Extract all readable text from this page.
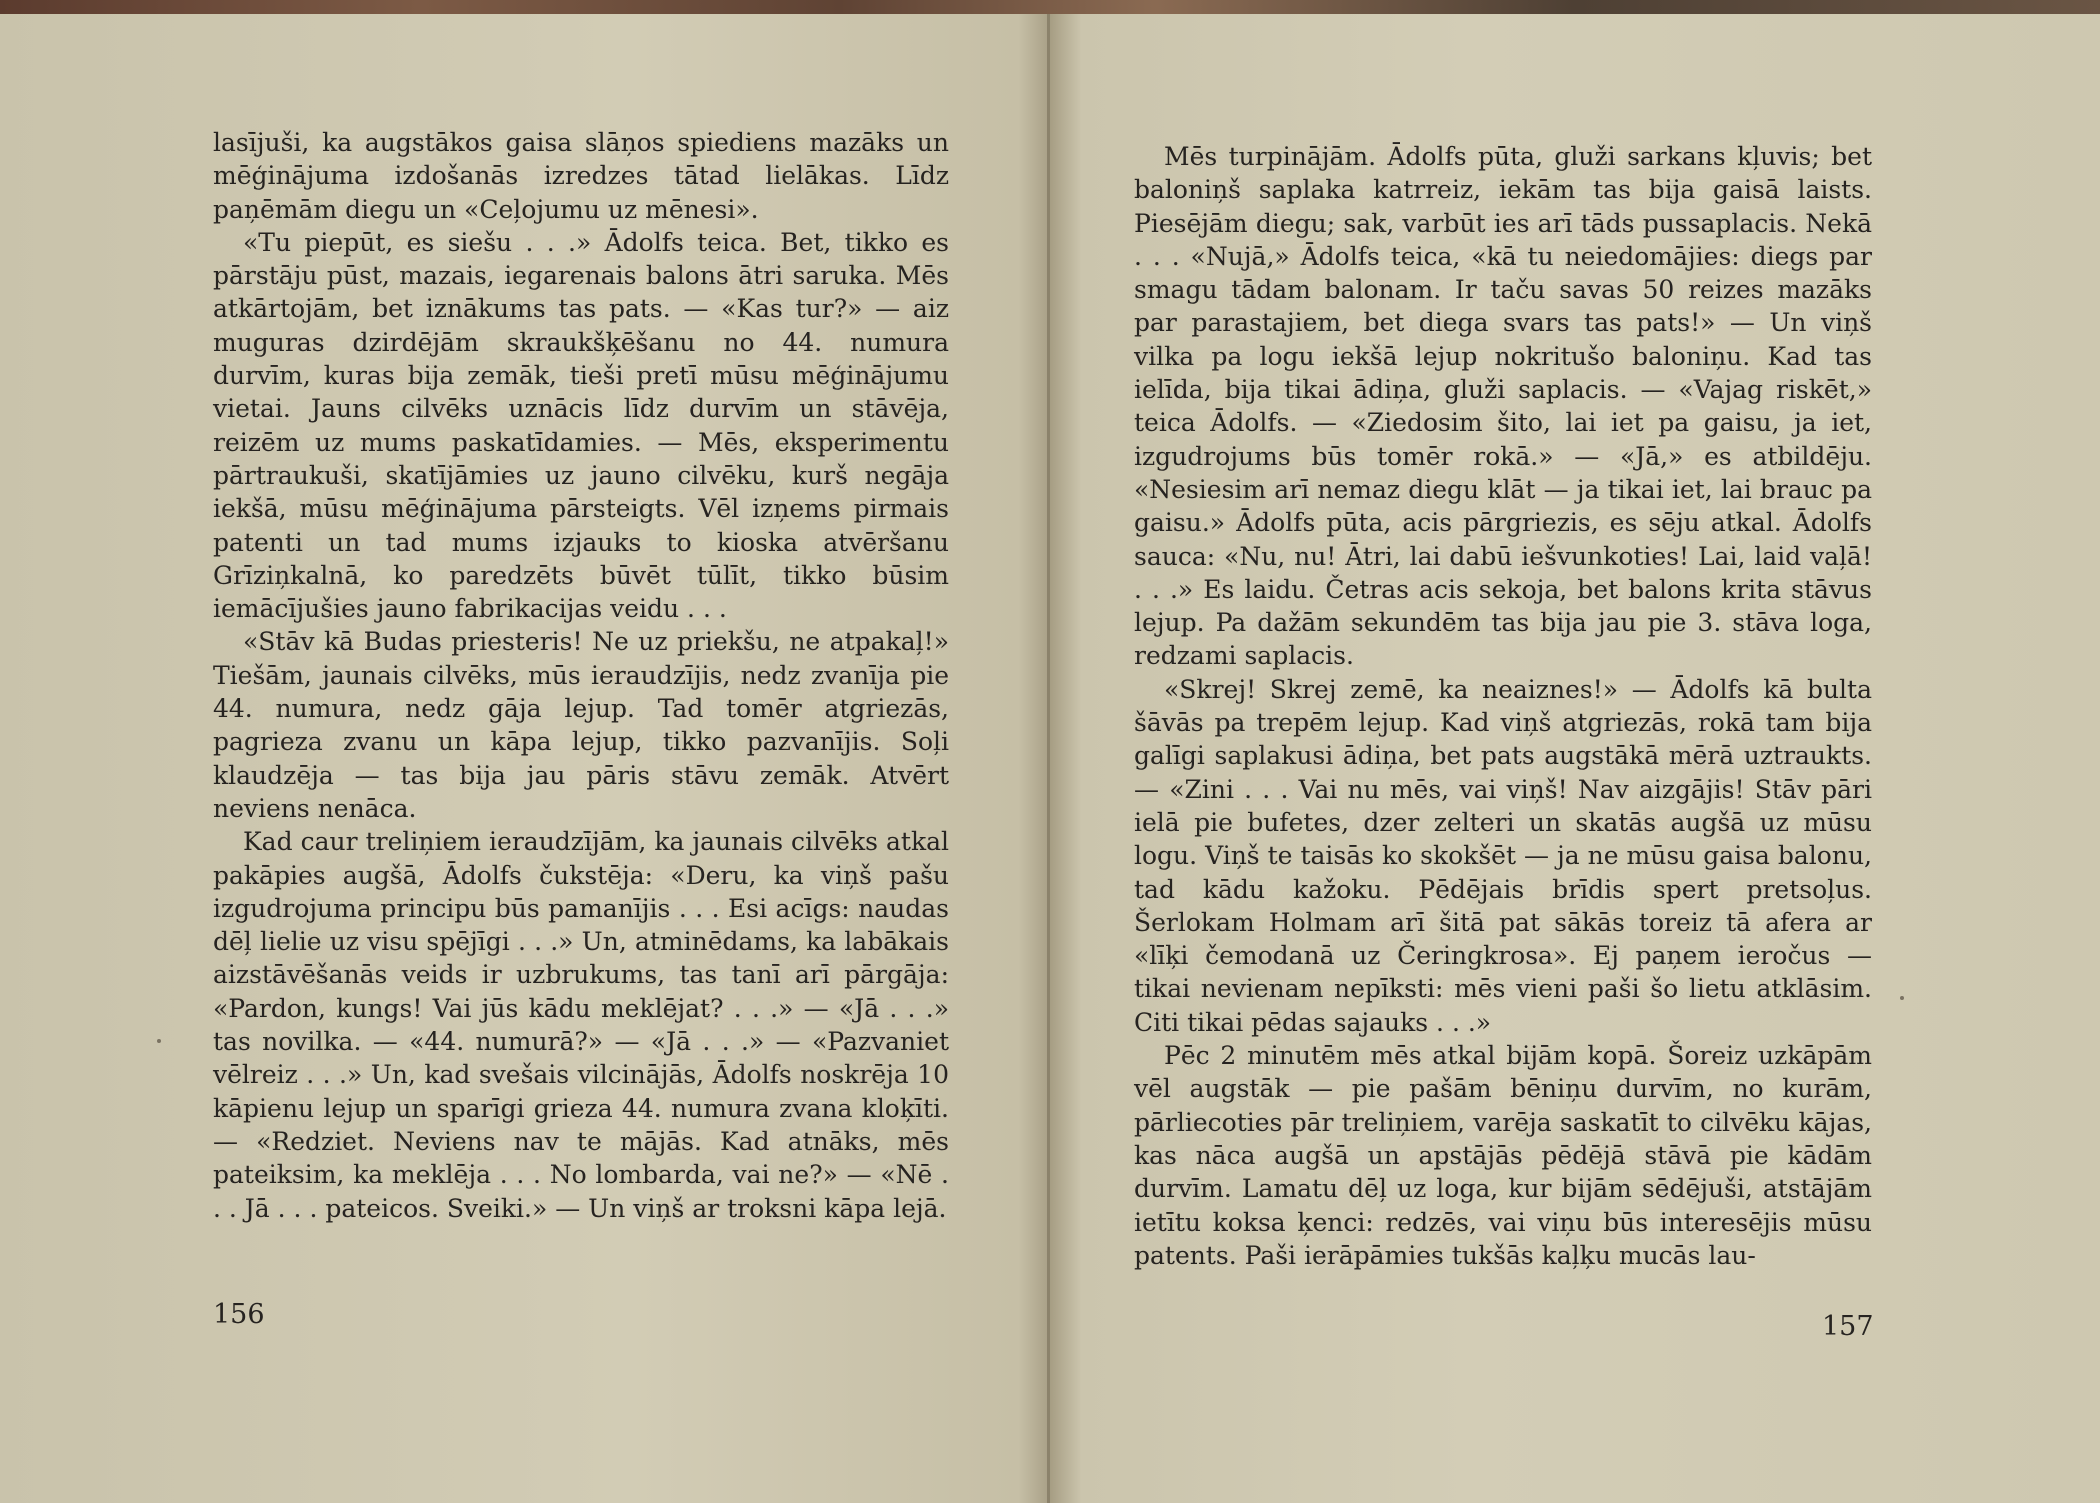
lasījuši, ka augstākos gaisa slāņos spiediens mazāks un mēģinājuma izdošanās izredzes tātad lielākas. Līdz paņēmām diegu un «Ceļojumu uz mēnesi».

«Tu piepūt, es siešu . . .» Ādolfs teica. Bet, tikko es pārstāju pūst, mazais, iegarenais balons ātri saruka. Mēs atkārtojām, bet iznākums tas pats. — «Kas tur?» — aiz muguras dzirdējām skraukšķēšanu no 44. numura durvīm, kuras bija zemāk, tieši pretī mūsu mēģinājumu vietai. Jauns cilvēks uznācis līdz durvīm un stāvēja, reizēm uz mums paskatīdamies. — Mēs, eksperimentu pārtraukuši, skatījāmies uz jauno cilvēku, kurš negāja iekšā, mūsu mēģinājuma pārsteigts. Vēl izņems pirmais patenti un tad mums izjauks to kioska atvēršanu Grīziņkalnā, ko paredzēts būvēt tūlīt, tikko būsim iemācījušies jauno fabrikacijas veidu . . .

«Stāv kā Budas priesteris! Ne uz priekšu, ne atpakaļ!» Tiešām, jaunais cilvēks, mūs ieraudzījis, nedz zvanīja pie 44. numura, nedz gāja lejup. Tad tomēr atgriezās, pagrieza zvanu un kāpa lejup, tikko pazvanījis. Soļi klaudzēja — tas bija jau pāris stāvu zemāk. Atvērt neviens nenāca.

Kad caur treliņiem ieraudzījām, ka jaunais cilvēks atkal pakāpies augšā, Ādolfs čukstēja: «Deru, ka viņš pašu izgudrojuma principu būs pamanījis . . . Esi acīgs: naudas dēļ lielie uz visu spējīgi . . .» Un, atminēdams, ka labākais aizstāvēšanās veids ir uzbrukums, tas tanī arī pārgāja: «Pardon, kungs! Vai jūs kādu meklējat? . . .» — «Jā . . .» tas novilka. — «44. numurā?» — «Jā . . .» — «Pazvaniet vēlreiz . . .» Un, kad svešais vilcinājās, Ādolfs noskrēja 10 kāpienu lejup un sparīgi grieza 44. numura zvana kloķīti. — «Redziet. Neviens nav te mājās. Kad atnāks, mēs pateiksim, ka meklēja . . . No lombarda, vai ne?» — «Nē . . . Jā . . . pateicos. Sveiki.» — Un viņš ar troksni kāpa lejā.

156

Mēs turpinājām. Ādolfs pūta, gluži sarkans kļuvis; bet baloniņš saplaka katrreiz, iekām tas bija gaisā laists. Piesējām diegu; sak, varbūt ies arī tāds pussaplacis. Nekā . . . «Nujā,» Ādolfs teica, «kā tu neiedomājies: diegs par smagu tādam balonam. Ir taču savas 50 reizes mazāks par parastajiem, bet diega svars tas pats!» — Un viņš vilka pa logu iekšā lejup nokritušo baloniņu. Kad tas ielīda, bija tikai ādiņa, gluži saplacis. — «Vajag riskēt,» teica Ādolfs. — «Ziedosim šito, lai iet pa gaisu, ja iet, izgudrojums būs tomēr rokā.» — «Jā,» es atbildēju. «Nesiesim arī nemaz diegu klāt — ja tikai iet, lai brauc pa gaisu.» Ādolfs pūta, acis pārgriezis, es sēju atkal. Ādolfs sauca: «Nu, nu! Ātri, lai dabū iešvunkoties! Lai, laid vaļā! . . .» Es laidu. Četras acis sekoja, bet balons krita stāvus lejup. Pa dažām sekundēm tas bija jau pie 3. stāva loga, redzami saplacis.

«Skrej! Skrej zemē, ka neaiznes!» — Ādolfs kā bulta šāvās pa trepēm lejup. Kad viņš atgriezās, rokā tam bija galīgi saplakusi ādiņa, bet pats augstākā mērā uztraukts. — «Zini . . . Vai nu mēs, vai viņš! Nav aizgājis! Stāv pāri ielā pie bufetes, dzer zelteri un skatās augšā uz mūsu logu. Viņš te taisās ko skokšēt — ja ne mūsu gaisa balonu, tad kādu kažoku. Pēdējais brīdis spert pretsoļus. Šerlokam Holmam arī šitā pat sākās toreiz tā afera ar «līķi čemodanā uz Čeringkrosa». Ej paņem ieročus — tikai nevienam nepīksti: mēs vieni paši šo lietu atklāsim. Citi tikai pēdas sajauks . . .»

Pēc 2 minutēm mēs atkal bijām kopā. Šoreiz uzkāpām vēl augstāk — pie pašām bēniņu durvīm, no kurām, pārliecoties pār treliņiem, varēja saskatīt to cilvēku kājas, kas nāca augšā un apstājās pēdējā stāvā pie kādām durvīm. Lamatu dēļ uz loga, kur bijām sēdējuši, atstājām ietītu koksa ķenci: redzēs, vai viņu būs interesējis mūsu patents. Paši ierāpāmies tukšās kaļķu mucās lau-

157
